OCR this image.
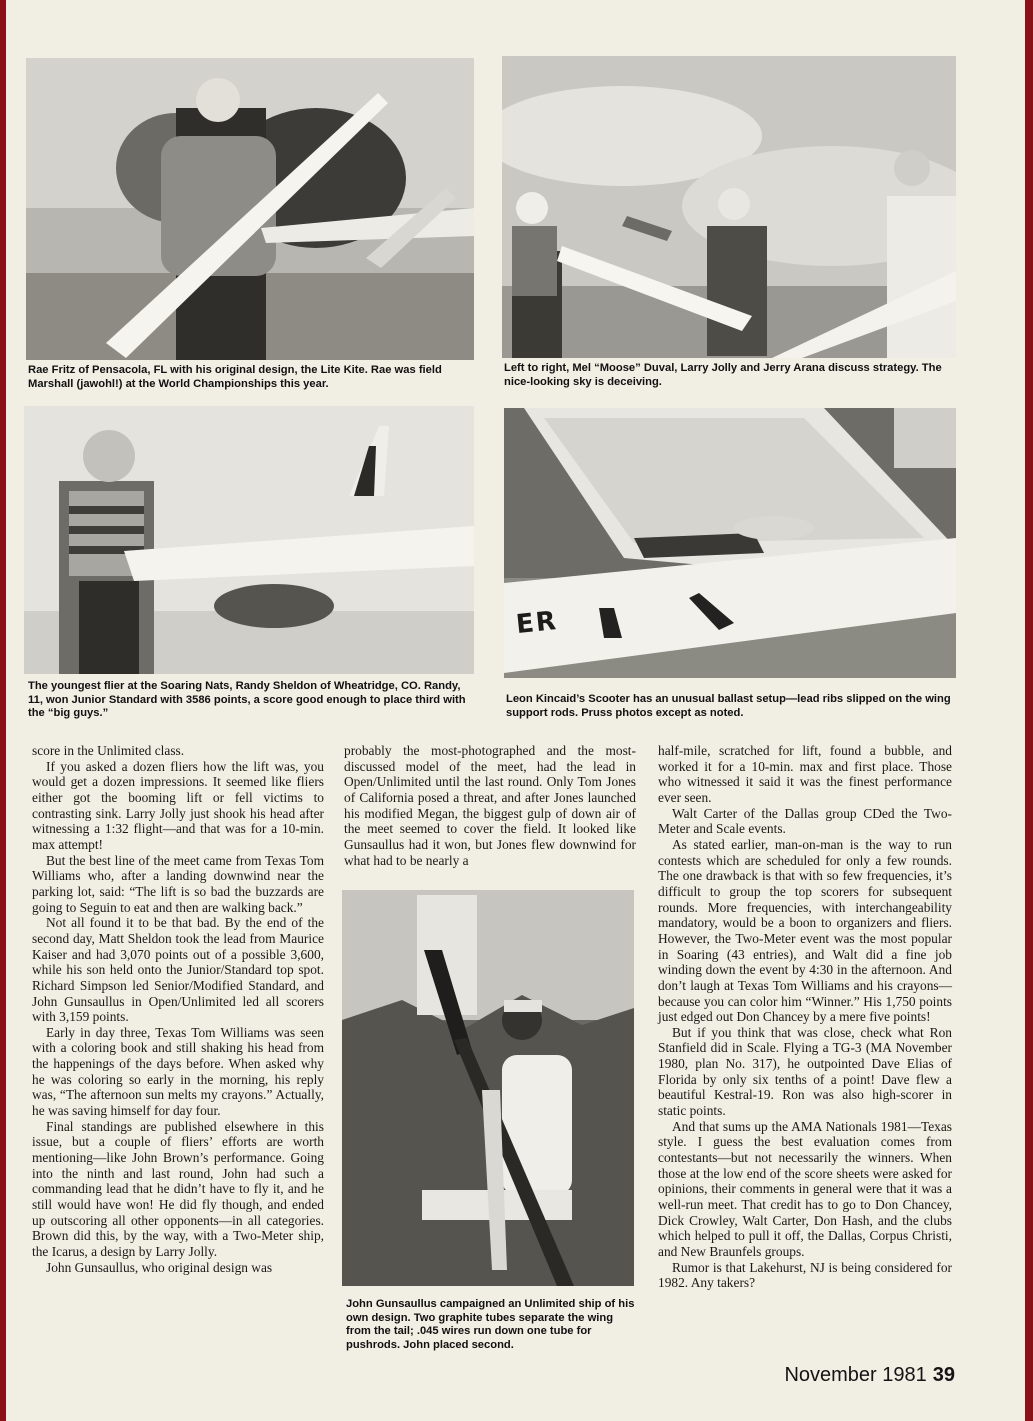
Rae Fritz of Pensacola, FL with his original design, the Lite Kite. Rae was field Marshall (jawohl!) at the World Championships this year.

Left to right, Mel “Moose” Duval, Larry Jolly and Jerry Arana discuss strategy. The nice-looking sky is deceiving.

The youngest flier at the Soaring Nats, Randy Sheldon of Wheatridge, CO. Randy, 11, won Junior Standard with 3586 points, a score good enough to place third with the “big guys.”

ER

Leon Kincaid’s Scooter has an unusual ballast setup—lead ribs slipped on the wing support rods. Pruss photos except as noted.

John Gunsaullus campaigned an Unlimited ship of his own design. Two graphite tubes separate the wing from the tail; .045 wires run down one tube for pushrods. John placed second.

score in the Unlimited class.

If you asked a dozen fliers how the lift was, you would get a dozen impressions. It seemed like fliers either got the booming lift or fell victims to contrasting sink. Larry Jolly just shook his head after witnessing a 1:32 flight—and that was for a 10-min. max attempt!

But the best line of the meet came from Texas Tom Williams who, after a landing downwind near the parking lot, said: “The lift is so bad the buzzards are going to Seguin to eat and then are walking back.”

Not all found it to be that bad. By the end of the second day, Matt Sheldon took the lead from Maurice Kaiser and had 3,070 points out of a possible 3,600, while his son held onto the Junior/Standard top spot. Richard Simpson led Senior/Modified Standard, and John Gunsaullus in Open/Unlimited led all scorers with 3,159 points.

Early in day three, Texas Tom Williams was seen with a coloring book and still shaking his head from the happenings of the days before. When asked why he was coloring so early in the morning, his reply was, “The afternoon sun melts my crayons.” Actually, he was saving himself for day four.

Final standings are published elsewhere in this issue, but a couple of fliers’ efforts are worth mentioning—like John Brown’s performance. Going into the ninth and last round, John had such a commanding lead that he didn’t have to fly it, and he still would have won! He did fly though, and ended up outscoring all other opponents—in all categories. Brown did this, by the way, with a Two-Meter ship, the Icarus, a design by Larry Jolly.

John Gunsaullus, who original design was

probably the most-photographed and the most-discussed model of the meet, had the lead in Open/Unlimited until the last round. Only Tom Jones of California posed a threat, and after Jones launched his modified Megan, the biggest gulp of down air of the meet seemed to cover the field. It looked like Gunsaullus had it won, but Jones flew downwind for what had to be nearly a

half-mile, scratched for lift, found a bubble, and worked it for a 10-min. max and first place. Those who witnessed it said it was the finest performance ever seen.

Walt Carter of the Dallas group CDed the Two-Meter and Scale events.

As stated earlier, man-on-man is the way to run contests which are scheduled for only a few rounds. The one drawback is that with so few frequencies, it’s difficult to group the top scorers for subsequent rounds. More frequencies, with interchangeability mandatory, would be a boon to organizers and fliers. However, the Two-Meter event was the most popular in Soaring (43 entries), and Walt did a fine job winding down the event by 4:30 in the afternoon. And don’t laugh at Texas Tom Williams and his crayons—because you can color him “Winner.” His 1,750 points just edged out Don Chancey by a mere five points!

But if you think that was close, check what Ron Stanfield did in Scale. Flying a TG-3 (MA November 1980, plan No. 317), he outpointed Dave Elias of Florida by only six tenths of a point! Dave flew a beautiful Kestral-19. Ron was also high-scorer in static points.

And that sums up the AMA Nationals 1981—Texas style. I guess the best evaluation comes from contestants—but not necessarily the winners. When those at the low end of the score sheets were asked for opinions, their comments in general were that it was a well-run meet. That credit has to go to Don Chancey, Dick Crowley, Walt Carter, Don Hash, and the clubs which helped to pull it off, the Dallas, Corpus Christi, and New Braunfels groups.

Rumor is that Lakehurst, NJ is being considered for 1982. Any takers?

November 1981 39
